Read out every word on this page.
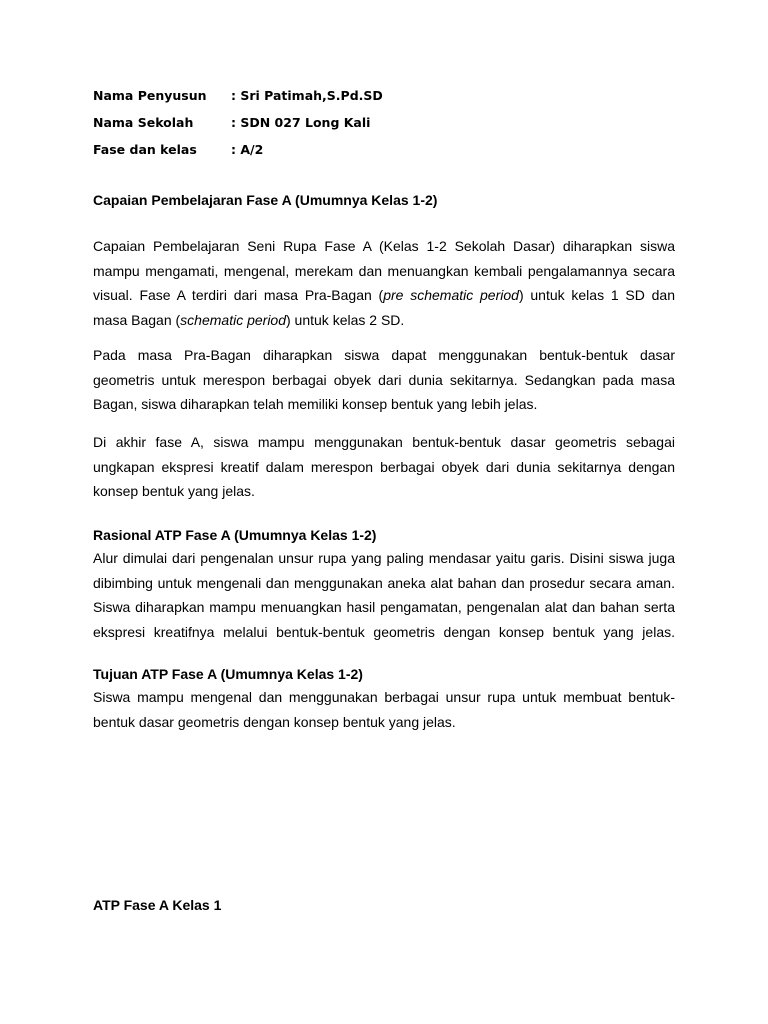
Nama Penyusun	: Sri Patimah,S.Pd.SD
Nama Sekolah	: SDN 027 Long Kali
Fase dan kelas	: A/2
Capaian Pembelajaran Fase A (Umumnya Kelas 1-2)
Capaian Pembelajaran Seni Rupa Fase A (Kelas 1-2 Sekolah Dasar) diharapkan siswa
mampu mengamati, mengenal, merekam dan menuangkan kembali pengalamannya secara
visual. Fase A terdiri dari masa Pra-Bagan (pre schematic period) untuk kelas 1 SD dan
masa Bagan (schematic period) untuk kelas 2 SD.
Pada masa Pra-Bagan diharapkan siswa dapat menggunakan bentuk-bentuk dasar
geometris untuk merespon berbagai obyek dari dunia sekitarnya. Sedangkan pada masa
Bagan, siswa diharapkan telah memiliki konsep bentuk yang lebih jelas.
Di akhir fase A, siswa mampu menggunakan bentuk-bentuk dasar geometris sebagai
ungkapan ekspresi kreatif dalam merespon berbagai obyek dari dunia sekitarnya dengan
konsep bentuk yang jelas.
Rasional ATP Fase A (Umumnya Kelas 1-2)
Alur dimulai dari pengenalan unsur rupa yang paling mendasar yaitu garis. Disini siswa juga
dibimbing untuk mengenali dan menggunakan aneka alat bahan dan prosedur secara aman.
Siswa diharapkan mampu menuangkan hasil pengamatan, pengenalan alat dan bahan serta
ekspresi kreatifnya melalui bentuk-bentuk geometris dengan konsep bentuk yang jelas.
Tujuan ATP Fase A (Umumnya Kelas 1-2)
Siswa mampu mengenal dan menggunakan berbagai unsur rupa untuk membuat bentuk-
bentuk dasar geometris dengan konsep bentuk yang jelas.
ATP Fase A Kelas 1
